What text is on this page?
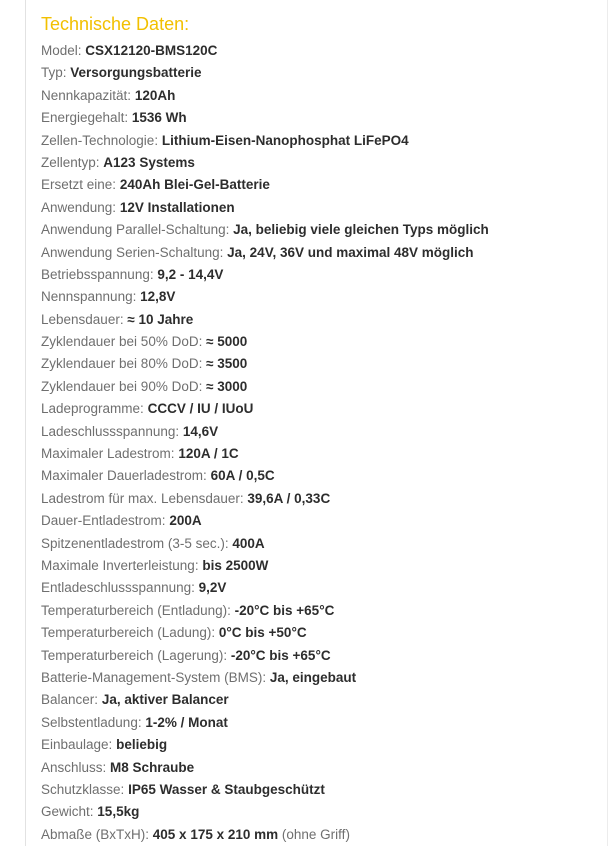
Technische Daten:
Model: CSX12120-BMS120C
Typ: Versorgungsbatterie
Nennkapazität: 120Ah
Energiegehalt: 1536 Wh
Zellen-Technologie: Lithium-Eisen-Nanophosphat LiFePO4
Zellentyp: A123 Systems
Ersetzt eine: 240Ah Blei-Gel-Batterie
Anwendung: 12V Installationen
Anwendung Parallel-Schaltung: Ja, beliebig viele gleichen Typs möglich
Anwendung Serien-Schaltung: Ja, 24V, 36V und maximal 48V möglich
Betriebsspannung: 9,2 - 14,4V
Nennspannung: 12,8V
Lebensdauer: ≈ 10 Jahre
Zyklendauer bei 50% DoD: ≈ 5000
Zyklendauer bei 80% DoD: ≈ 3500
Zyklendauer bei 90% DoD: ≈ 3000
Ladeprogramme: CCCV / IU / IUoU
Ladeschlussspannung: 14,6V
Maximaler Ladestrom: 120A / 1C
Maximaler Dauerladestrom: 60A / 0,5C
Ladestrom für max. Lebensdauer: 39,6A / 0,33C
Dauer-Entladestrom: 200A
Spitzenentladestrom (3-5 sec.): 400A
Maximale Inverterleistung: bis 2500W
Entladeschlussspannung: 9,2V
Temperaturbereich (Entladung): -20°C bis +65°C
Temperaturbereich (Ladung): 0°C bis +50°C
Temperaturbereich (Lagerung): -20°C bis +65°C
Batterie-Management-System (BMS): Ja, eingebaut
Balancer: Ja, aktiver Balancer
Selbstentladung: 1-2% / Monat
Einbaulage: beliebig
Anschluss: M8 Schraube
Schutzklasse: IP65 Wasser & Staubgeschützt
Gewicht: 15,5kg
Abmaße (BxTxH): 405 x 175 x 210 mm (ohne Griff)
